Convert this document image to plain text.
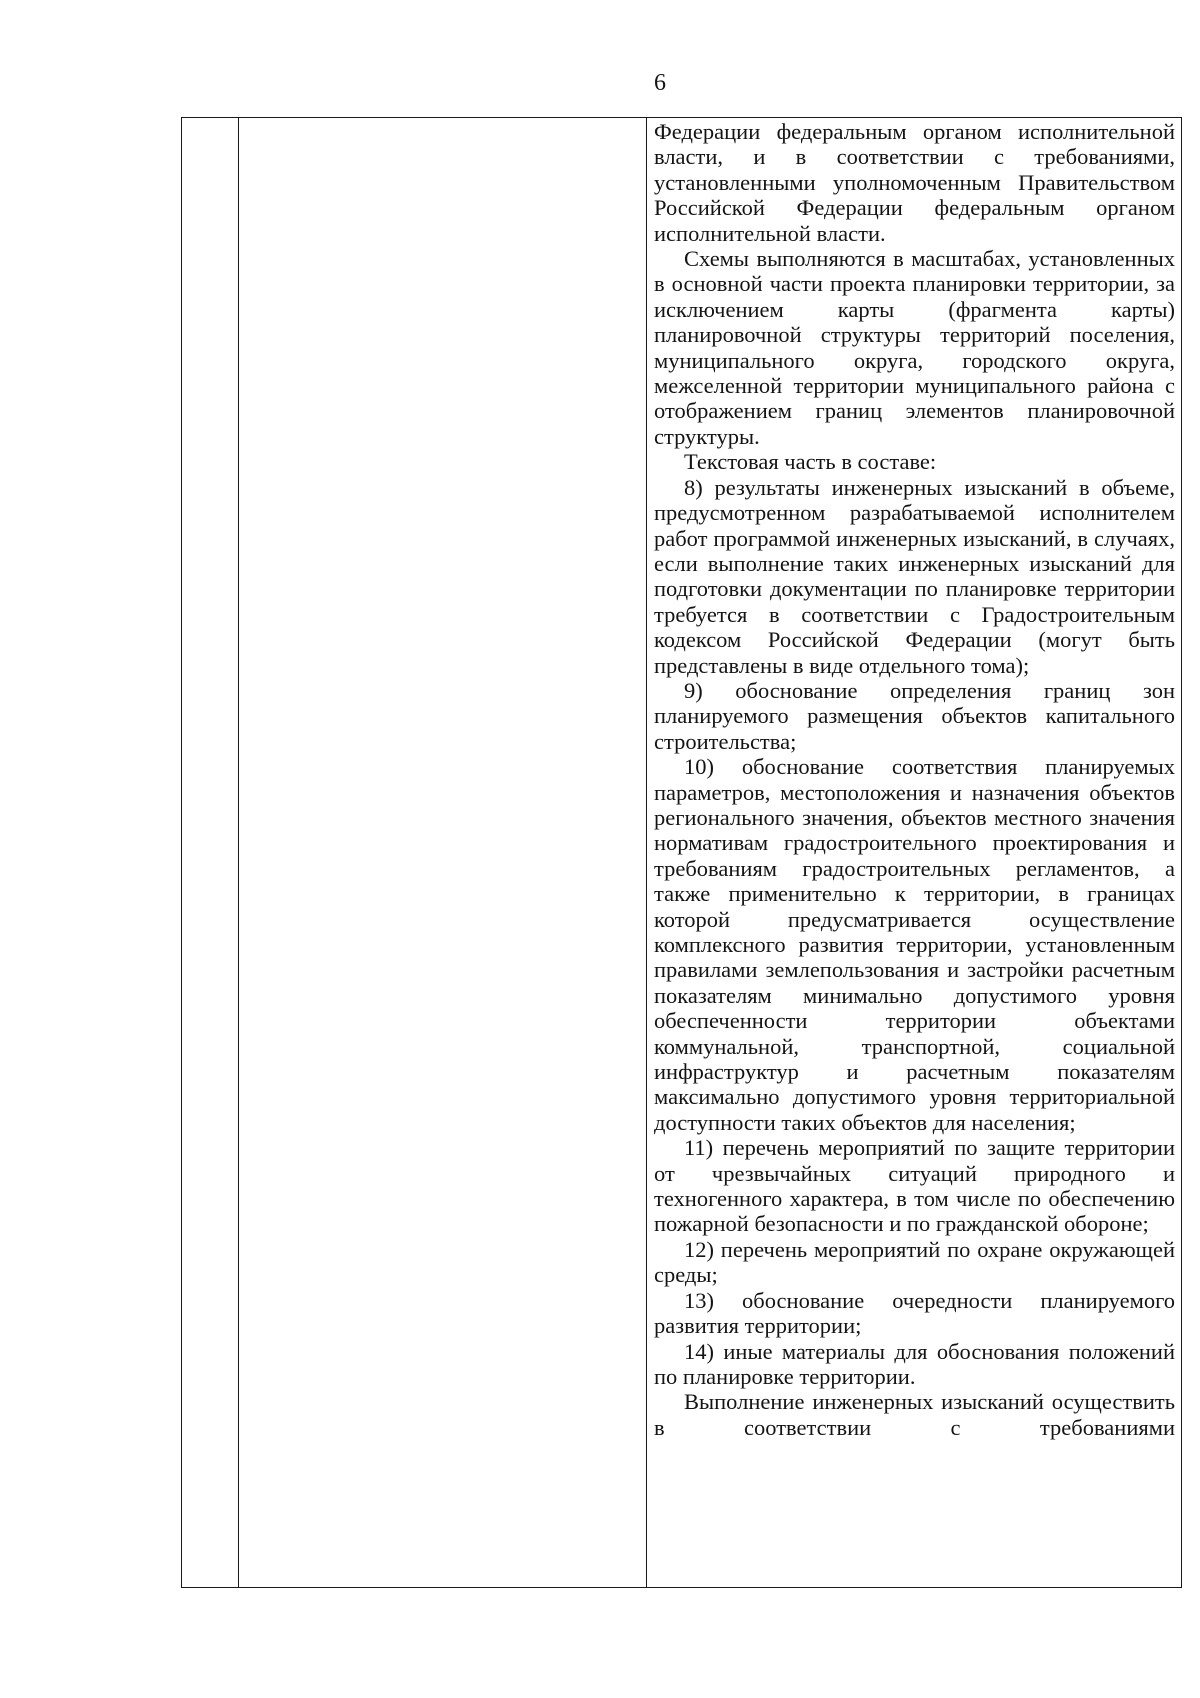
6

Федерации федеральным органом исполнительной власти, и в соответствии с требованиями, установленными уполномоченным Правительством Российской Федерации федеральным органом исполнительной власти.

Схемы выполняются в масштабах, установленных в основной части проекта планировки территории, за исключением карты (фрагмента карты) планировочной структуры территорий поселения, муниципального округа, городского округа, межселенной территории муниципального района с отображением границ элементов планировочной структуры.

Текстовая часть в составе:

8) результаты инженерных изысканий в объеме, предусмотренном разрабатываемой исполнителем работ программой инженерных изысканий, в случаях, если выполнение таких инженерных изысканий для подготовки документации по планировке территории требуется в соответствии с Градостроительным кодексом Российской Федерации (могут быть представлены в виде отдельного тома);

9) обоснование определения границ зон планируемого размещения объектов капитального строительства;

10) обоснование соответствия планируемых параметров, местоположения и назначения объектов регионального значения, объектов местного значения нормативам градостроительного проектирования и требованиям градостроительных регламентов, а также применительно к территории, в границах которой предусматривается осуществление комплексного развития территории, установленным правилами землепользования и застройки расчетным показателям минимально допустимого уровня обеспеченности территории объектами коммунальной, транспортной, социальной инфраструктур и расчетным показателям максимально допустимого уровня территориальной доступности таких объектов для населения;

11) перечень мероприятий по защите территории от чрезвычайных ситуаций природного и техногенного характера, в том числе по обеспечению пожарной безопасности и по гражданской обороне;

12) перечень мероприятий по охране окружающей среды;

13) обоснование очередности планируемого развития территории;

14) иные материалы для обоснования положений по планировке территории.

Выполнение инженерных изысканий осуществить в соответствии с требованиями
